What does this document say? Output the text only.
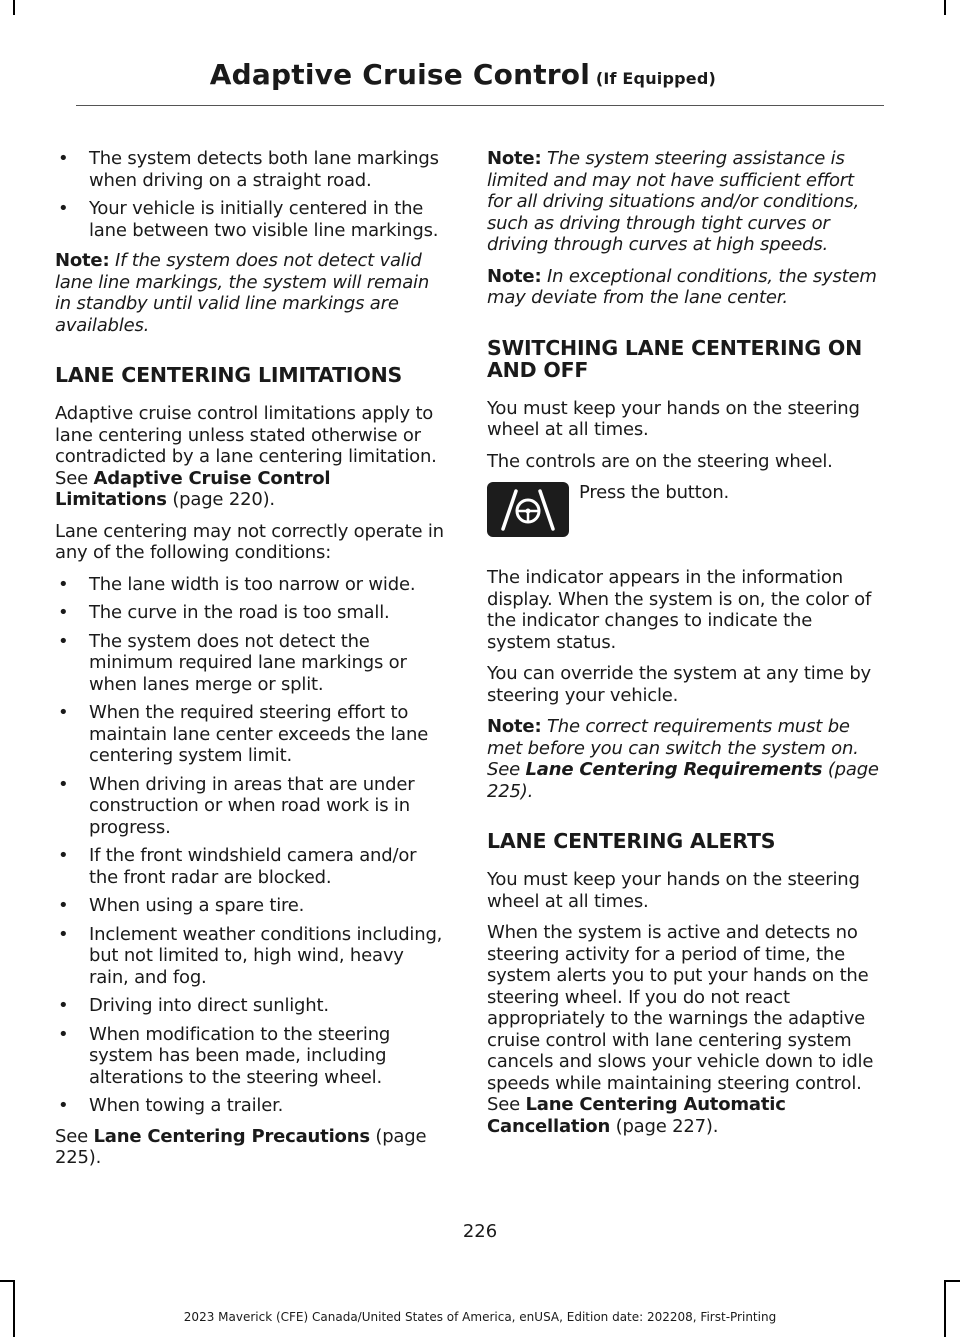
Adaptive Cruise Control (If Equipped)
• The system detects both lane markings when driving on a straight road.
• Your vehicle is initially centered in the lane between two visible line markings.

Note: If the system does not detect valid lane line markings, the system will remain in standby until valid line markings are availables.

LANE CENTERING LIMITATIONS

Adaptive cruise control limitations apply to lane centering unless stated otherwise or contradicted by a lane centering limitation. See Adaptive Cruise Control Limitations (page 220).

Lane centering may not correctly operate in any of the following conditions:

• The lane width is too narrow or wide.
• The curve in the road is too small.
• The system does not detect the minimum required lane markings or when lanes merge or split.
• When the required steering effort to maintain lane center exceeds the lane centering system limit.
• When driving in areas that are under construction or when road work is in progress.
• If the front windshield camera and/or the front radar are blocked.
• When using a spare tire.
• Inclement weather conditions including, but not limited to, high wind, heavy rain, and fog.
• Driving into direct sunlight.
• When modification to the steering system has been made, including alterations to the steering wheel.
• When towing a trailer.

See Lane Centering Precautions (page 225).

Note: The system steering assistance is limited and may not have sufficient effort for all driving situations and/or conditions, such as driving through tight curves or driving through curves at high speeds.

Note: In exceptional conditions, the system may deviate from the lane center.

SWITCHING LANE CENTERING ON AND OFF

You must keep your hands on the steering wheel at all times.

The controls are on the steering wheel.

Press the button.

The indicator appears in the information display. When the system is on, the color of the indicator changes to indicate the system status.

You can override the system at any time by steering your vehicle.

Note: The correct requirements must be met before you can switch the system on. See Lane Centering Requirements (page 225).

LANE CENTERING ALERTS

You must keep your hands on the steering wheel at all times.

When the system is active and detects no steering activity for a period of time, the system alerts you to put your hands on the steering wheel. If you do not react appropriately to the warnings the adaptive cruise control with lane centering system cancels and slows your vehicle down to idle speeds while maintaining steering control. See Lane Centering Automatic Cancellation (page 227).

226
2023 Maverick (CFE) Canada/United States of America, enUSA, Edition date: 202208, First-Printing
